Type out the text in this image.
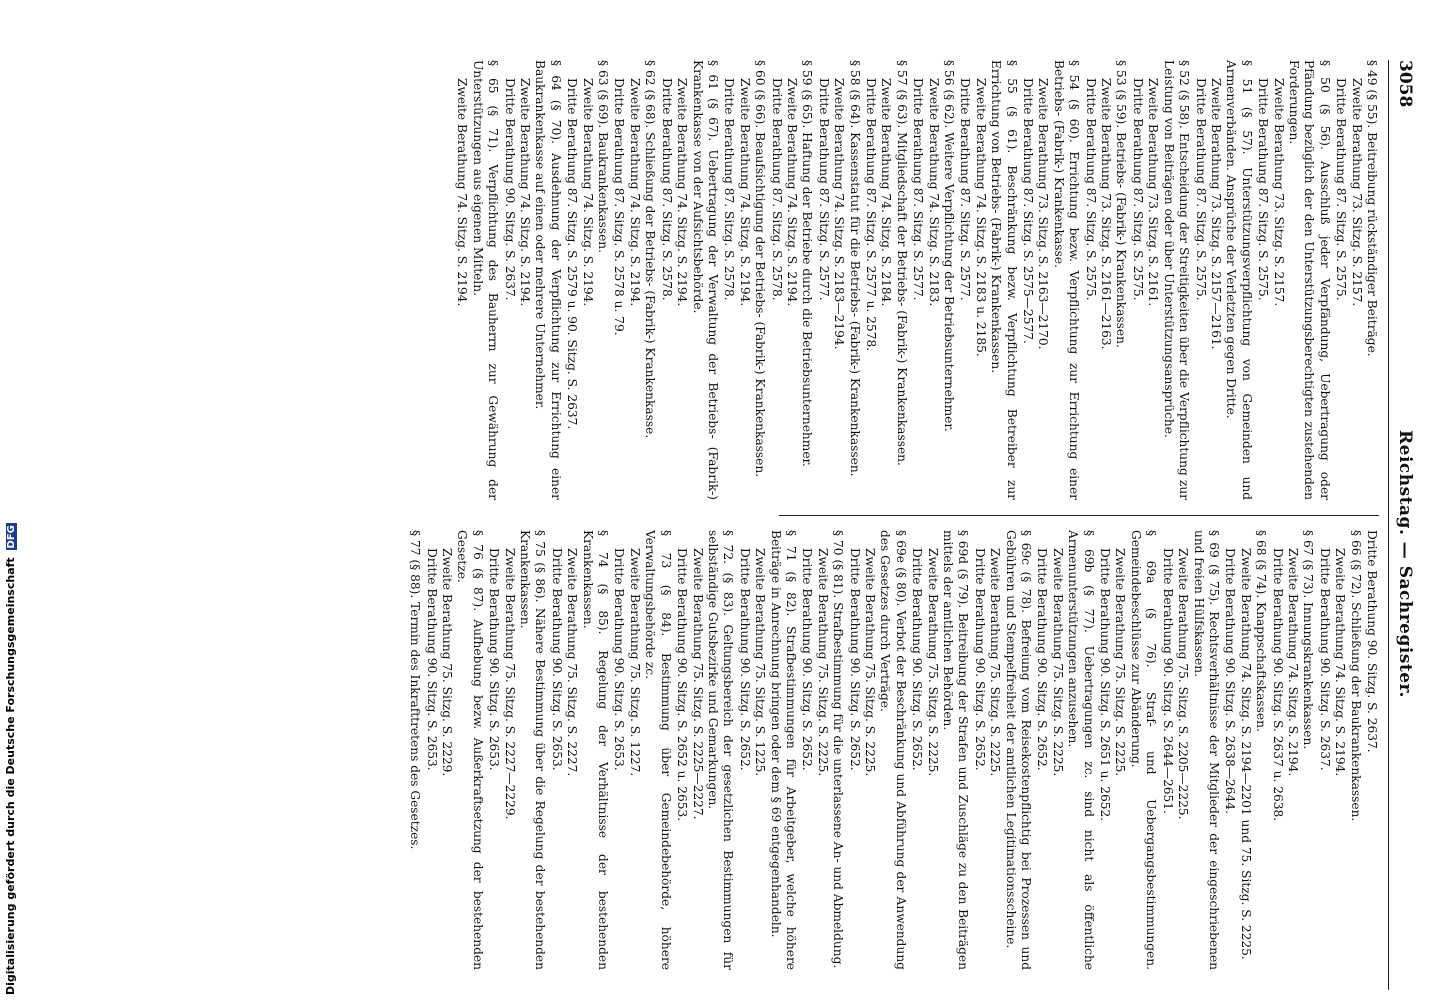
3058
Reichstag. — Sachregister.
§ 49 (§ 55). Beitreibung rückständiger Beiträge.
Zweite Berathung 73. Sitzg. S. 2157.
Dritte Berathung 87. Sitzg. S. 2575.
§ 50 (§ 56). Ausschluß jeder Verpfändung, Uebertragung oder Pfändung bezüglich der den Unterstützungsberechtigten zustehenden Forderungen.
Zweite Berathung 73. Sitzg. S. 2157.
Dritte Berathung 87. Sitzg. S. 2575.
§ 51 (§ 57). Unterstützungsverpflichtung von Gemeinden und Armenverbänden. Ansprüche der Verletzten gegen Dritte.
Zweite Berathung 73. Sitzg. S. 2157—2161.
Dritte Berathung 87. Sitzg. S. 2575.
§ 52 (§ 58). Entscheidung der Streitigkeiten über die Verpflichtung zur Leistung von Beiträgen oder über Unterstützungsansprüche.
Zweite Berathung 73. Sitzg. S. 2161.
Dritte Berathung 87. Sitzg. S. 2575.
§ 53 (§ 59). Betriebs- (Fabrik-) Krankenkassen.
Zweite Berathung 73. Sitzg. S. 2161—2163.
Dritte Berathung 87. Sitzg. S. 2575.
§ 54 (§ 60). Errichtung bezw. Verpflichtung zur Errichtung einer Betriebs- (Fabrik-) Krankenkasse.
Zweite Berathung 73. Sitzg. S. 2163—2170.
Dritte Berathung 87. Sitzg. S. 2575—2577.
§ 55 (§ 61). Beschränkung bezw. Verpflichtung Betreiber zur Errichtung von Betriebs- (Fabrik-) Krankenkassen.
Zweite Berathung 74. Sitzg. S. 2183 u. 2185.
Dritte Berathung 87. Sitzg. S. 2577.
§ 56 (§ 62). Weitere Verpflichtung der Betriebsunternehmer.
Zweite Berathung 74. Sitzg. S. 2183.
Dritte Berathung 87. Sitzg. S. 2577.
§ 57 (§ 63). Mitgliedschaft der Betriebs- (Fabrik-) Krankenkassen.
Zweite Berathung 74. Sitzg. S. 2184.
Dritte Berathung 87. Sitzg. S. 2577 u. 2578.
§ 58 (§ 64). Kassenstatut für die Betriebs- (Fabrik-) Krankenkassen.
Zweite Berathung 74. Sitzg. S. 2183—2194.
Dritte Berathung 87. Sitzg. S. 2577.
§ 59 (§ 65). Haftung der Betriebe durch die Betriebsunternehmer.
Zweite Berathung 74. Sitzg. S. 2194.
Dritte Berathung 87. Sitzg. S. 2578.
§ 60 (§ 66). Beaufsichtigung der Betriebs- (Fabrik-) Krankenkassen.
Zweite Berathung 74. Sitzg. S. 2194.
Dritte Berathung 87. Sitzg. S. 2578.
§ 61 (§ 67). Uebertragung der Verwaltung der Betriebs- (Fabrik-) Krankenkasse von der Aufsichtsbehörde.
Zweite Berathung 74. Sitzg. S. 2194.
Dritte Berathung 87. Sitzg. S. 2578.
§ 62 (§ 68). Schließung der Betriebs- (Fabrik-) Krankenkasse.
Zweite Berathung 74. Sitzg. S. 2194.
Dritte Berathung 87. Sitzg. S. 2578 u. 79.
§ 63 (§ 69). Baukrankenkassen.
Zweite Berathung 74. Sitzg. S. 2194.
Dritte Berathung 87. Sitzg. S. 2579 u. 90. Sitzg. S. 2637.
§ 64 (§ 70). Ausdehnung der Verpflichtung zur Errichtung einer Baukrankenkasse auf einen oder mehrere Unternehmer.
Zweite Berathung 74. Sitzg. S. 2194.
Dritte Berathung 90. Sitzg. S. 2637.
§ 65 (§ 71). Verpflichtung des Bauherrn zur Gewährung der Unterstützungen aus eigenen Mitteln.
Zweite Berathung 74. Sitzg. S. 2194.
Dritte Berathung 90. Sitzg. S. 2637.
§ 66 (§ 72). Schließung der Baukrankenkassen.
Zweite Berathung 74. Sitzg. S. 2194.
Dritte Berathung 90. Sitzg. S. 2637.
§ 67 (§ 73). Innungskrankenkassen.
Zweite Berathung 74. Sitzg. S. 2194.
Dritte Berathung 90. Sitzg. S. 2637 u. 2638.
§ 68 (§ 74). Knappschaftskassen.
Zweite Berathung 74. Sitzg. S. 2194—2201 und 75. Sitzg. S. 2225.
Dritte Berathung 90. Sitzg. S. 2638—2644.
§ 69 (§ 75). Rechtsverhältnisse der Mitglieder der eingeschriebenen und freien Hülfskassen.
Zweite Berathung 75. Sitzg. S. 2205—2225.
Dritte Berathung 90. Sitzg. S. 2644—2651.
§ 69a (§ 76). Straf- und Uebergangsbestimmungen. Gemeindebeschlüsse zur Abänderung.
Zweite Berathung 75. Sitzg. S. 2225.
Dritte Berathung 90. Sitzg. S. 2651 u. 2652.
§ 69b (§ 77). Uebertragungen zc. sind nicht als öffentliche Armenunterstützungen anzusehen.
Zweite Berathung 75. Sitzg. S. 2225.
Dritte Berathung 90. Sitzg. S. 2652.
§ 69c (§ 78). Befreiung vom Reisekostenpflichtig bei Prozessen und Gebühren und Stempelfreiheit der amtlichen Legitimationsscheine.
Zweite Berathung 75. Sitzg. S. 2225.
Dritte Berathung 90. Sitzg. S. 2652.
§ 69d (§ 79). Beitreibung der Strafen und Zuschläge zu den Beiträgen mittels der amtlichen Behörden.
Zweite Berathung 75. Sitzg. S. 2225.
Dritte Berathung 90. Sitzg. S. 2652.
§ 69e (§ 80). Verbot der Beschränkung und Abführung der Anwendung des Gesetzes durch Verträge.
Zweite Berathung 75. Sitzg. S. 2225.
Dritte Berathung 90. Sitzg. S. 2652.
§ 70 (§ 81). Strafbestimmung für die unterlassene An- und Abmeldung.
Zweite Berathung 75. Sitzg. S. 2225.
Dritte Berathung 90. Sitzg. S. 2652.
§ 71 (§ 82). Strafbestimmungen für Arbeitgeber, welche höhere Beiträge in Anrechnung bringen oder dem § 69 entgegenhandeln.
Zweite Berathung 75. Sitzg. S. 1225.
Dritte Berathung 90. Sitzg. S. 2652.
§ 72. (§ 83). Geltungsbereich der gesetzlichen Bestimmungen für selbständige Gutsbezirke und Gemarkungen.
Zweite Berathung 75. Sitzg. S. 2225—2227.
Dritte Berathung 90. Sitzg. S. 2652 u. 2653.
§ 73 (§ 84). Bestimmung über Gemeindebehörde, höhere Verwaltungsbehörde zc.
Zweite Berathung 75. Sitzg. S. 1227.
Dritte Berathung 90. Sitzg. S. 2653.
§ 74 (§ 85). Regelung der Verhältnisse der bestehenden Krankenkassen.
Zweite Berathung 75. Sitzg. S. 2227.
Dritte Berathung 90. Sitzg. S. 2653.
§ 75 (§ 86). Nähere Bestimmung über die Regelung der bestehenden Krankenkassen.
Zweite Berathung 75. Sitzg. S. 2227—2229.
Dritte Berathung 90. Sitzg. S. 2653.
§ 76 (§ 87). Aufhebung bezw. Außerkraftsetzung der bestehenden Gesetze.
Zweite Berathung 75. Sitzg. S. 2229.
Dritte Berathung 90. Sitzg. S. 2653.
§ 77 (§ 88). Termin des Inkrafttretens des Gesetzes.
Digitalisierung gefördert durch die Deutsche Forschungsgemeinschaft DFG
